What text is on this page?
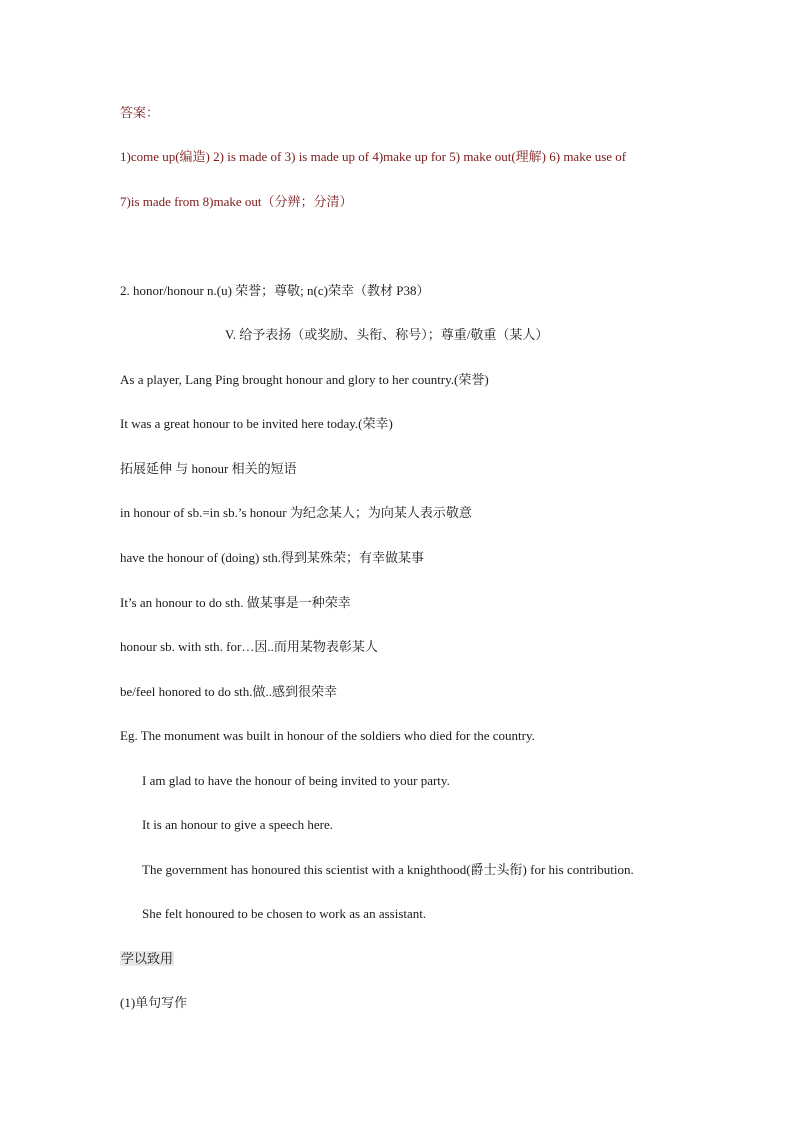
答案：
1)come up(编造) 2) is made of 3) is made up of 4)make up for 5) make out(理解) 6) make use of
7)is made from 8)make out（分辨；分清）
2. honor/honour n.(u) 荣誉；尊敬; n(c)荣幸（教材 P38）
V. 给予表扬（或奖励、头衔、称号）；尊重/敬重（某人）
As a player, Lang Ping brought honour and glory to her country.(荣誉)
It was a great honour to be invited here today.(荣幸)
拓展延伸 与 honour 相关的短语
in honour of sb.=in sb.’s honour 为纪念某人；为向某人表示敬意
have the honour of (doing) sth.得到某殊荣；有幸做某事
It’s an honour to do sth. 做某事是一种荣幸
honour sb. with sth. for…因..而用某物表彰某人
be/feel honored to do sth.做..感到很荣幸
Eg. The monument was built in honour of the soldiers who died for the country.
I am glad to have the honour of being invited to your party.
It is an honour to give a speech here.
The government has honoured this scientist with a knighthood(爵士头衔) for his contribution.
She felt honoured to be chosen to work as an assistant.
学以致用
(1)单句写作
